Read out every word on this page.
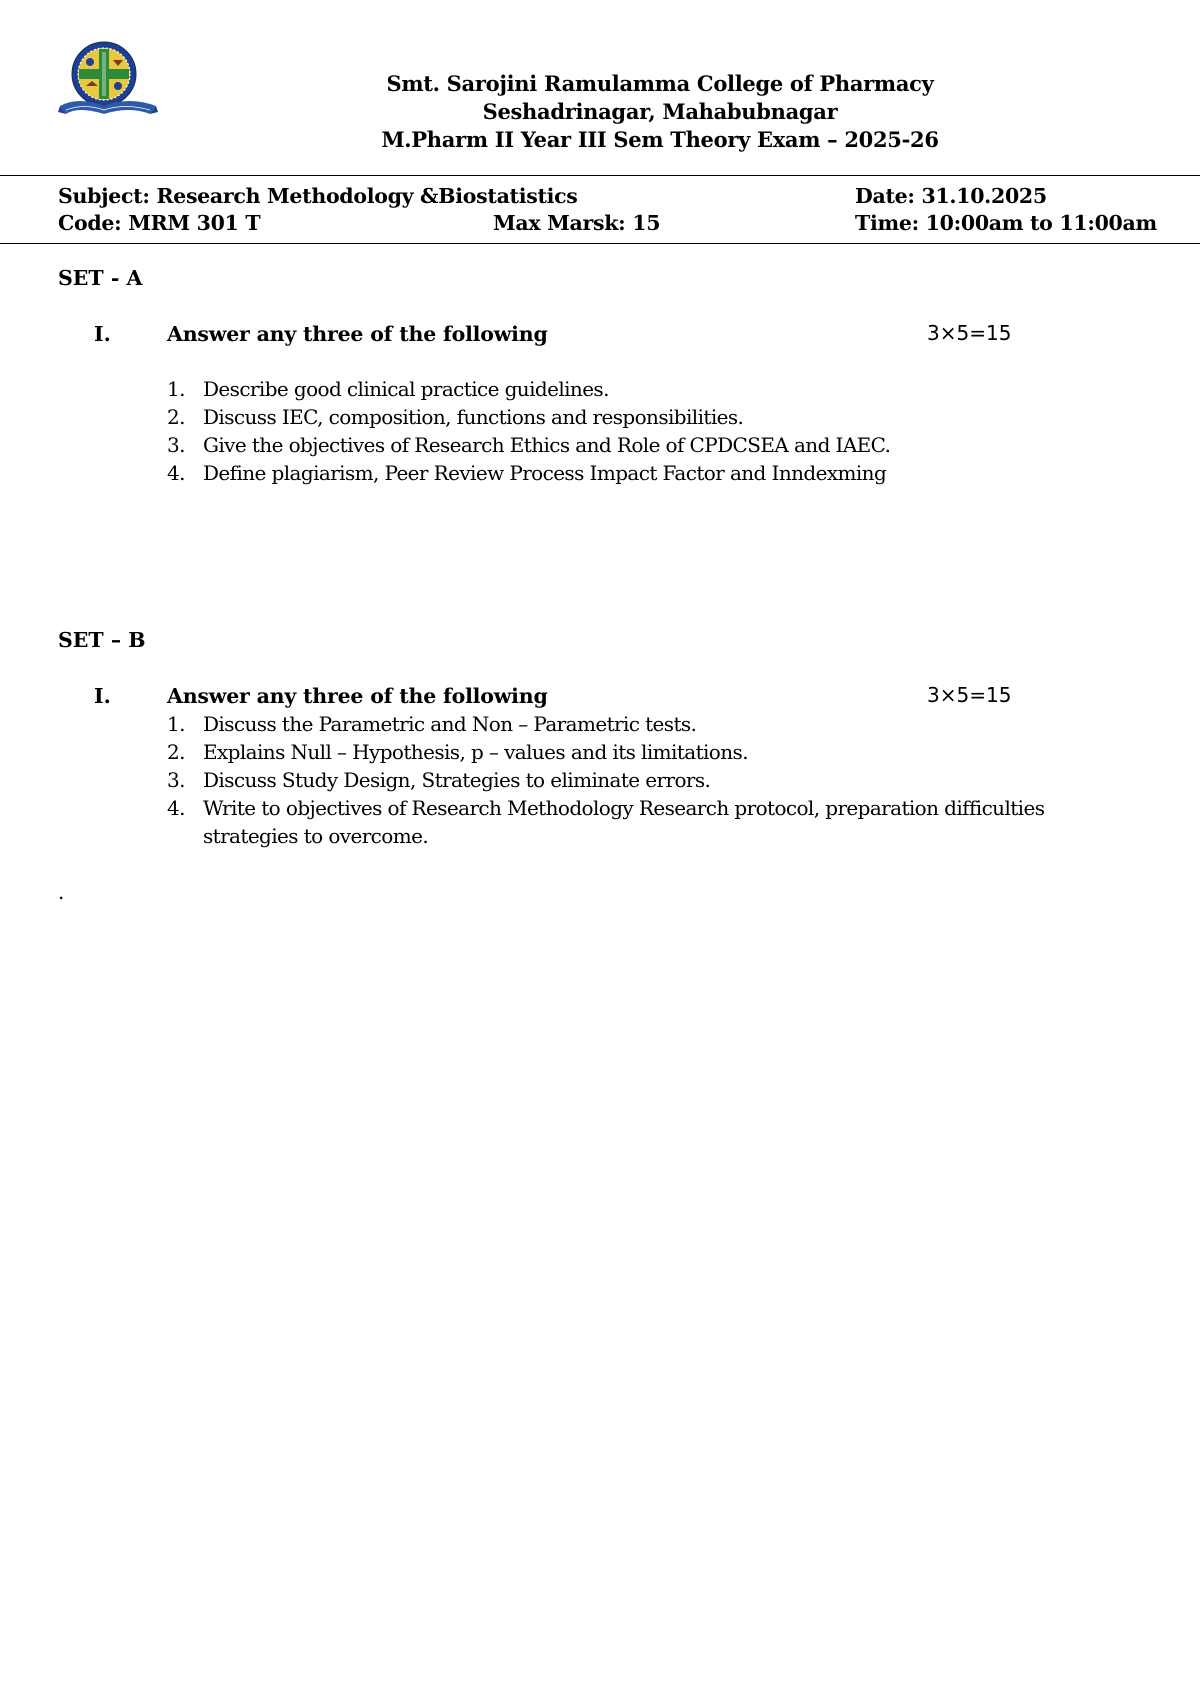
Smt. Sarojini Ramulamma College of Pharmacy
Seshadrinagar, Mahabubnagar
M.Pharm II Year III Sem Theory Exam – 2025-26
Subject: Research Methodology &Biostatistics	Date: 31.10.2025
Code: MRM 301 T	Max Marsk: 15	Time: 10:00am to 11:00am
SET - A
I.	Answer any three of the following	3×5=15
1. Describe good clinical practice guidelines.
2. Discuss IEC, composition, functions and responsibilities.
3. Give the objectives of Research Ethics and Role of CPDCSEA and IAEC.
4. Define plagiarism, Peer Review Process Impact Factor and Inndexming
SET – B
I.	Answer any three of the following	3×5=15
1. Discuss the Parametric and Non – Parametric tests.
2. Explains Null – Hypothesis, p – values and its limitations.
3. Discuss Study Design, Strategies to eliminate errors.
4. Write to objectives of Research Methodology Research protocol, preparation difficulties strategies to overcome.
.
